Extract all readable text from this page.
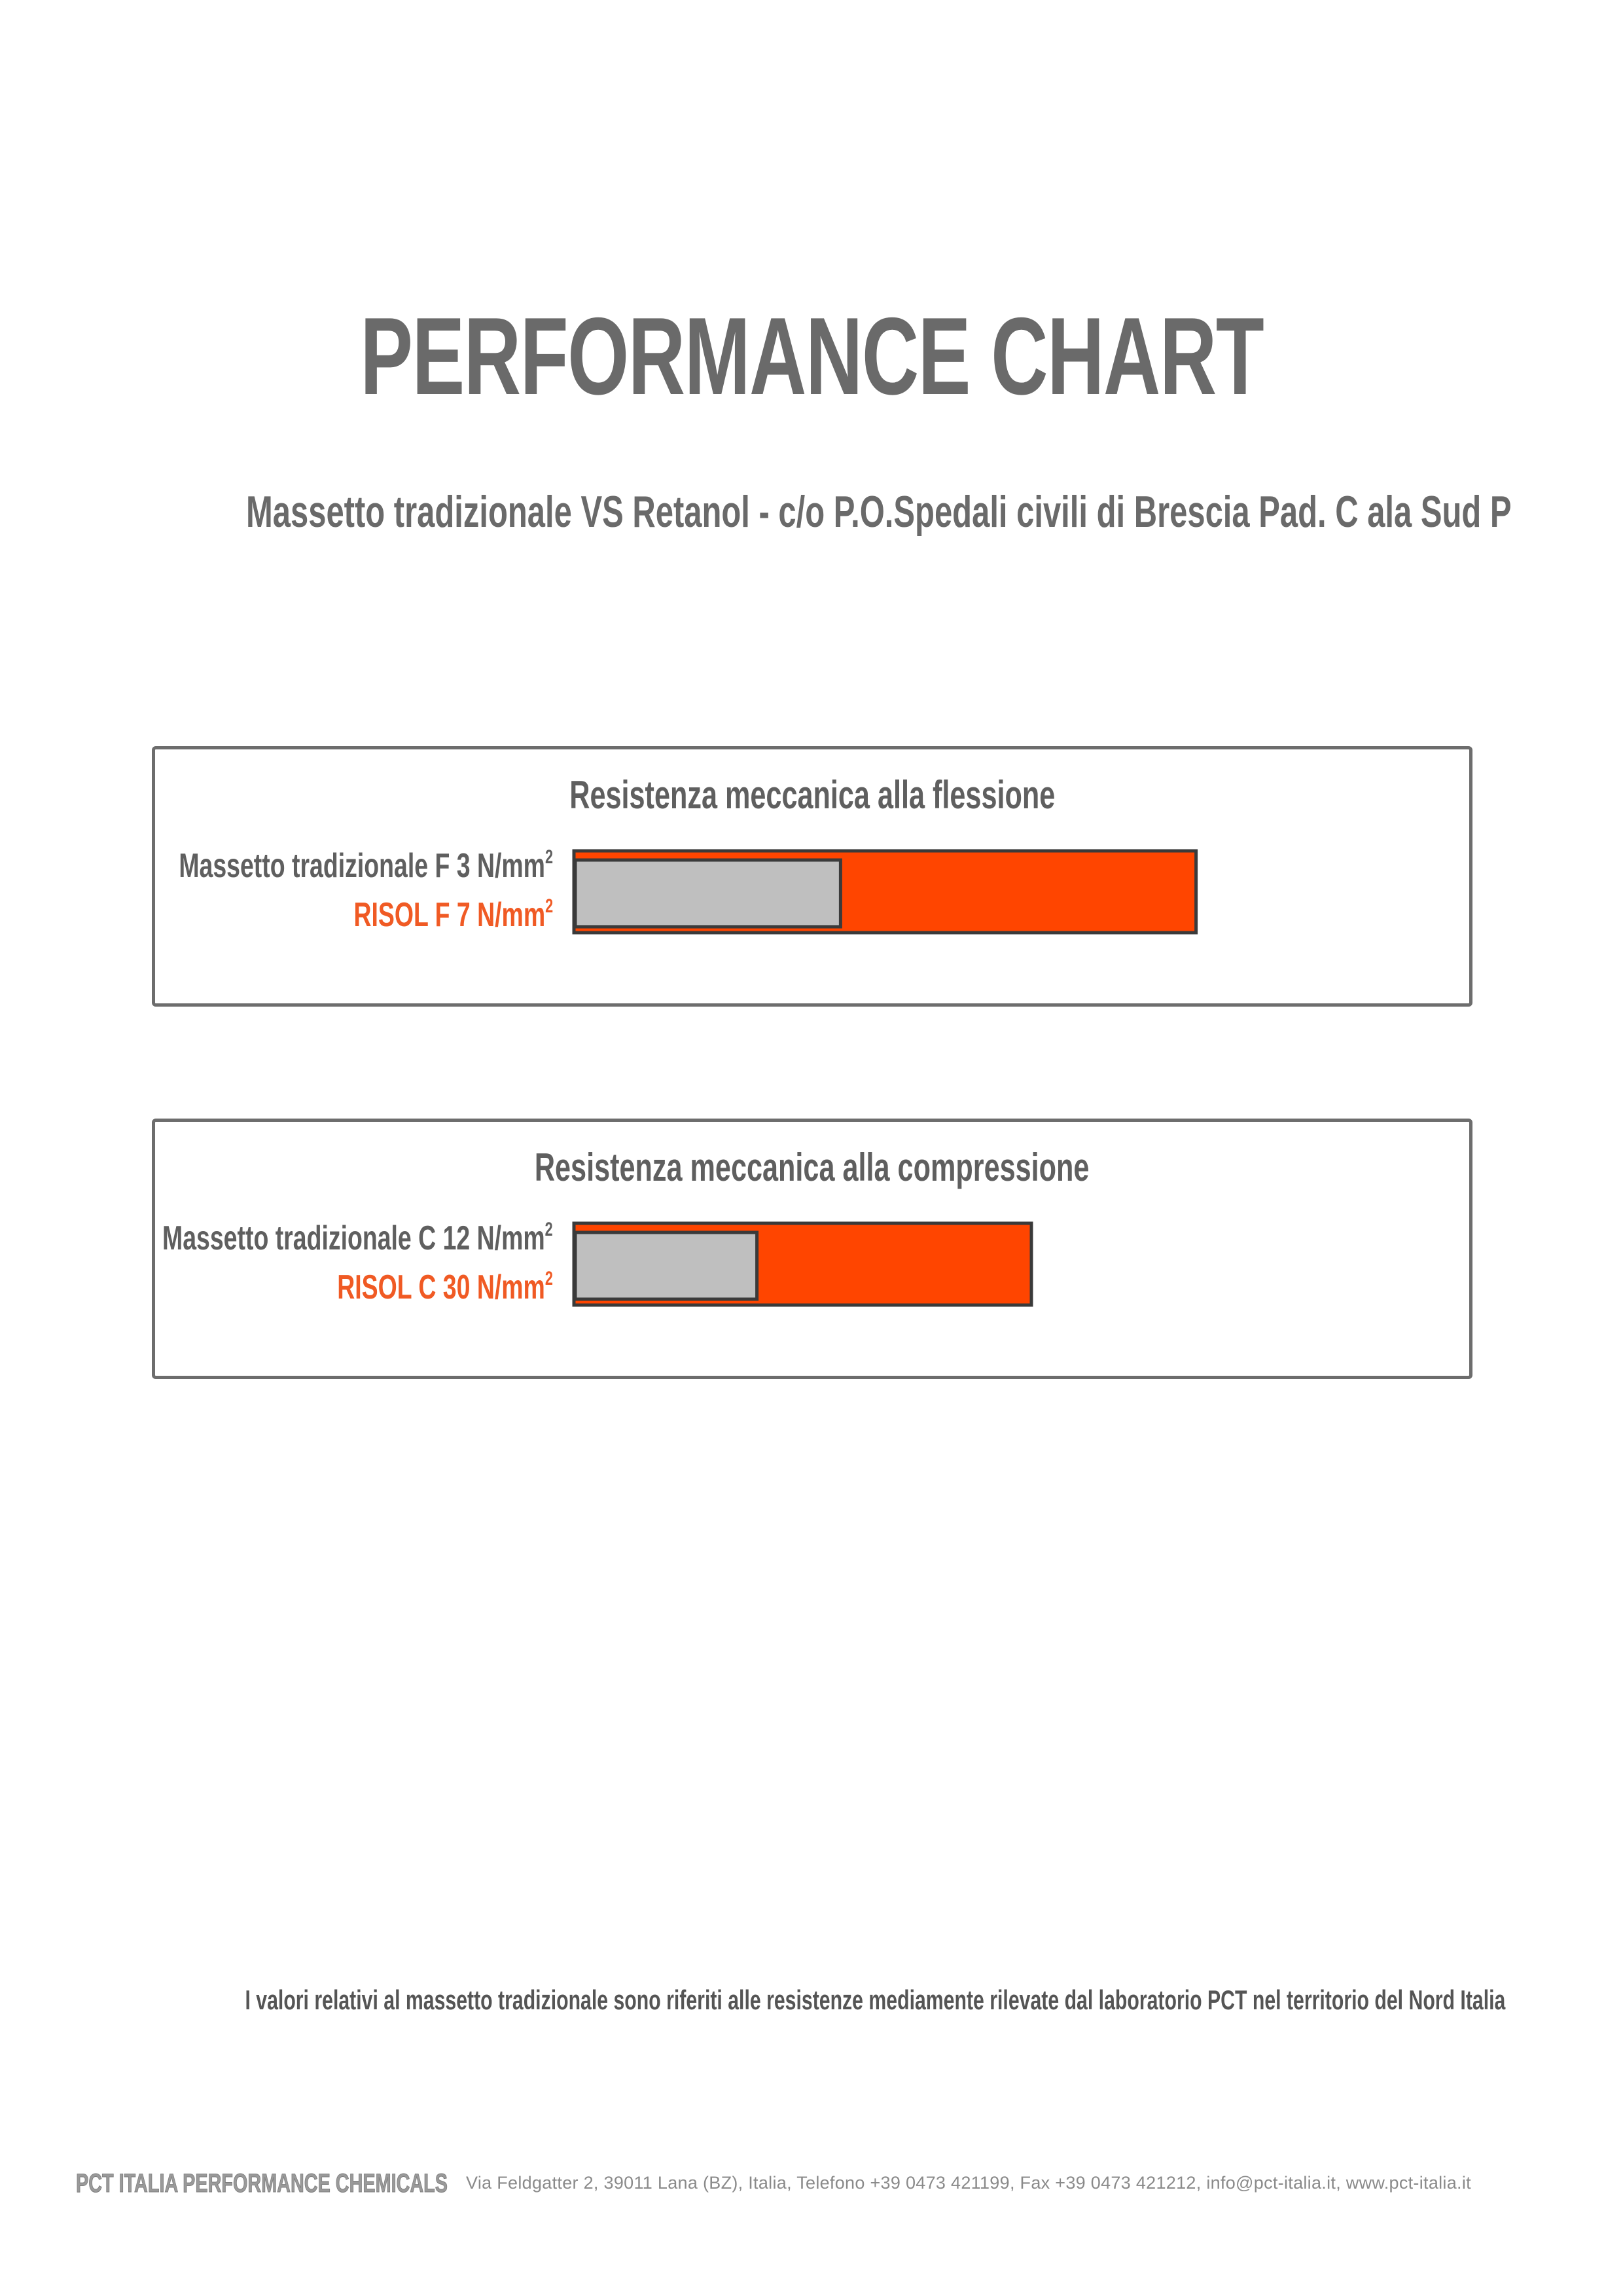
PERFORMANCE CHART
Massetto tradizionale VS Retanol - c/o P.O.Spedali civili di Brescia Pad. C ala Sud P
Resistenza meccanica alla flessione
Massetto tradizionale F 3 $N/mm^2$
RISOL F 7 $N/mm^2$
Resistenza meccanica alla compressione
Massetto tradizionale C 12 $N/mm^2$
RISOL C 30 $N/mm^2$
I valori relativi al massetto tradizionale sono riferiti alle resistenze mediamente rilevate dal laboratorio PCT nel territorio del Nord Italia
PCT ITALIA PERFORMANCE CHEMICALS	Via Feldgatter 2, 39011 Lana (BZ), Italia, Telefono +39 0473 421199, Fax +39 0473 421212, info@pct-italia.it, www.pct-italia.it
